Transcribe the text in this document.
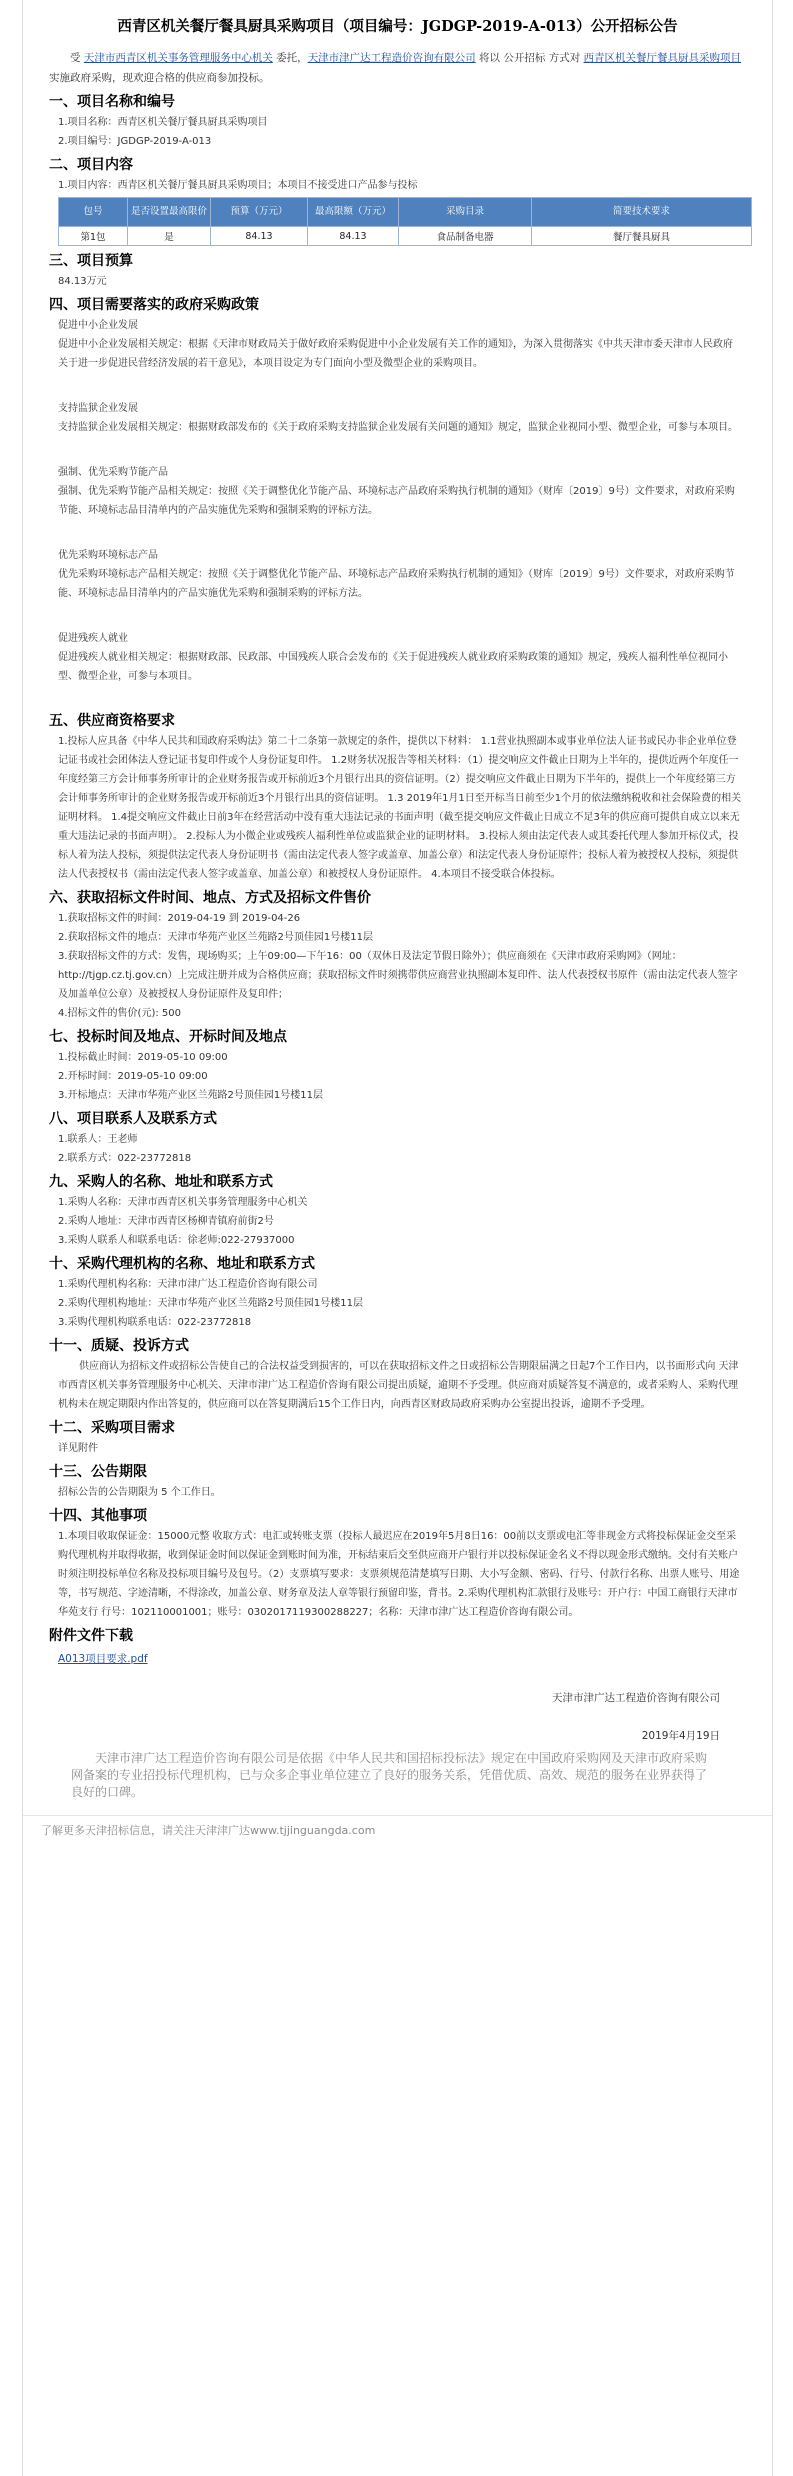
西青区机关餐厅餐具厨具采购项目（项目编号：JGDGP-2019-A-013）公开招标公告

受 天津市西青区机关事务管理服务中心机关 委托，天津市津广达工程造价咨询有限公司 将以 公开招标 方式对 西青区机关餐厅餐具厨具采购项目 实施政府采购，现欢迎合格的供应商参加投标。

一、项目名称和编号

1.项目名称：西青区机关餐厅餐具厨具采购项目

2.项目编号：JGDGP-2019-A-013

二、项目内容

1.项目内容：西青区机关餐厅餐具厨具采购项目；本项目不接受进口产品参与投标

包号	是否设置最高限价	预算（万元）	最高限额（万元）	采购目录	简要技术要求
第1包	是	84.13	84.13	食品制备电器	餐厅餐具厨具
三、项目预算

84.13万元

四、项目需要落实的政府采购政策

促进中小企业发展

促进中小企业发展相关规定：根据《天津市财政局关于做好政府采购促进中小企业发展有关工作的通知》，为深入贯彻落实《中共天津市委天津市人民政府关于进一步促进民营经济发展的若干意见》，本项目设定为专门面向小型及微型企业的采购项目。

支持监狱企业发展

支持监狱企业发展相关规定：根据财政部发布的《关于政府采购支持监狱企业发展有关问题的通知》规定，监狱企业视同小型、微型企业，可参与本项目。

强制、优先采购节能产品

强制、优先采购节能产品相关规定：按照《关于调整优化节能产品、环境标志产品政府采购执行机制的通知》（财库〔2019〕9号）文件要求，对政府采购节能、环境标志品目清单内的产品实施优先采购和强制采购的评标方法。

优先采购环境标志产品

优先采购环境标志产品相关规定：按照《关于调整优化节能产品、环境标志产品政府采购执行机制的通知》（财库〔2019〕9号）文件要求，对政府采购节能、环境标志品目清单内的产品实施优先采购和强制采购的评标方法。

促进残疾人就业

促进残疾人就业相关规定：根据财政部、民政部、中国残疾人联合会发布的《关于促进残疾人就业政府采购政策的通知》规定，残疾人福利性单位视同小型、微型企业，可参与本项目。

五、供应商资格要求

1.投标人应具备《中华人民共和国政府采购法》第二十二条第一款规定的条件，提供以下材料： 1.1营业执照副本或事业单位法人证书或民办非企业单位登记证书或社会团体法人登记证书复印件或个人身份证复印件。 1.2财务状况报告等相关材料：（1）提交响应文件截止日期为上半年的，提供近两个年度任一年度经第三方会计师事务所审计的企业财务报告或开标前近3个月银行出具的资信证明。（2）提交响应文件截止日期为下半年的，提供上一个年度经第三方会计师事务所审计的企业财务报告或开标前近3个月银行出具的资信证明。 1.3 2019年1月1日至开标当日前至少1个月的依法缴纳税收和社会保险费的相关证明材料。 1.4提交响应文件截止日前3年在经营活动中没有重大违法记录的书面声明（截至提交响应文件截止日成立不足3年的供应商可提供自成立以来无重大违法记录的书面声明）。 2.投标人为小微企业或残疾人福利性单位或监狱企业的证明材料。 3.投标人须由法定代表人或其委托代理人参加开标仪式，投标人着为法人投标，须提供法定代表人身份证明书（需由法定代表人签字或盖章、加盖公章）和法定代表人身份证原件；投标人着为被授权人投标，须提供法人代表授权书（需由法定代表人签字或盖章、加盖公章）和被授权人身份证原件。 4.本项目不接受联合体投标。

六、获取招标文件时间、地点、方式及招标文件售价

1.获取招标文件的时间：2019-04-19 到 2019-04-26

2.获取招标文件的地点：天津市华苑产业区兰苑路2号顶佳园1号楼11层

3.获取招标文件的方式：发售，现场购买；上午09:00—下午16：00（双休日及法定节假日除外）；供应商须在《天津市政府采购网》（网址：http://tjgp.cz.tj.gov.cn）上完成注册并成为合格供应商；获取招标文件时须携带供应商营业执照副本复印件、法人代表授权书原件（需由法定代表人签字及加盖单位公章）及被授权人身份证原件及复印件；

4.招标文件的售价(元): 500

七、投标时间及地点、开标时间及地点

1.投标截止时间：2019-05-10 09:00

2.开标时间：2019-05-10 09:00

3.开标地点：天津市华苑产业区兰苑路2号顶佳园1号楼11层

八、项目联系人及联系方式

1.联系人：王老师

2.联系方式：022-23772818

九、采购人的名称、地址和联系方式

1.采购人名称：天津市西青区机关事务管理服务中心机关

2.采购人地址：天津市西青区杨柳青镇府前街2号

3.采购人联系人和联系电话：徐老师:022-27937000

十、采购代理机构的名称、地址和联系方式

1.采购代理机构名称：天津市津广达工程造价咨询有限公司

2.采购代理机构地址：天津市华苑产业区兰苑路2号顶佳园1号楼11层

3.采购代理机构联系电话：022-23772818

十一、质疑、投诉方式

供应商认为招标文件或招标公告使自己的合法权益受到损害的，可以在获取招标文件之日或招标公告期限届满之日起7个工作日内，以书面形式向 天津市西青区机关事务管理服务中心机关、天津市津广达工程造价咨询有限公司提出质疑，逾期不予受理。供应商对质疑答复不满意的，或者采购人、采购代理机构未在规定期限内作出答复的，供应商可以在答复期满后15个工作日内，向西青区财政局政府采购办公室提出投诉，逾期不予受理。

十二、采购项目需求

详见附件

十三、公告期限

招标公告的公告期限为 5 个工作日。

十四、其他事项

1.本项目收取保证金：15000元整 收取方式：电汇或转账支票（投标人最迟应在2019年5月8日16：00前以支票或电汇等非现金方式将投标保证金交至采购代理机构并取得收据，收到保证金时间以保证金到账时间为准，开标结束后交至供应商开户银行并以投标保证金名义不得以现金形式缴纳。交付有关账户时须注明投标单位名称及投标项目编号及包号。（2）支票填写要求：支票须规范清楚填写日期、大小写金额、密码、行号、付款行名称、出票人账号、用途等，书写规范、字迹清晰，不得涂改，加盖公章、财务章及法人章等银行预留印鉴，背书。2.采购代理机构汇款银行及账号：开户行：中国工商银行天津市华苑支行 行号：102110001001；账号：0302017119300288227；名称：天津市津广达工程造价咨询有限公司。

附件文件下载
A013项目要求.pdf
天津市津广达工程造价咨询有限公司
2019年4月19日
天津市津广达工程造价咨询有限公司是依据《中华人民共和国招标投标法》规定在中国政府采购网及天津市政府采购网备案的专业招投标代理机构，已与众多企事业单位建立了良好的服务关系，凭借优质、高效、规范的服务在业界获得了良好的口碑。
了解更多天津招标信息，请关注天津津广达www.tjjinguangda.com
